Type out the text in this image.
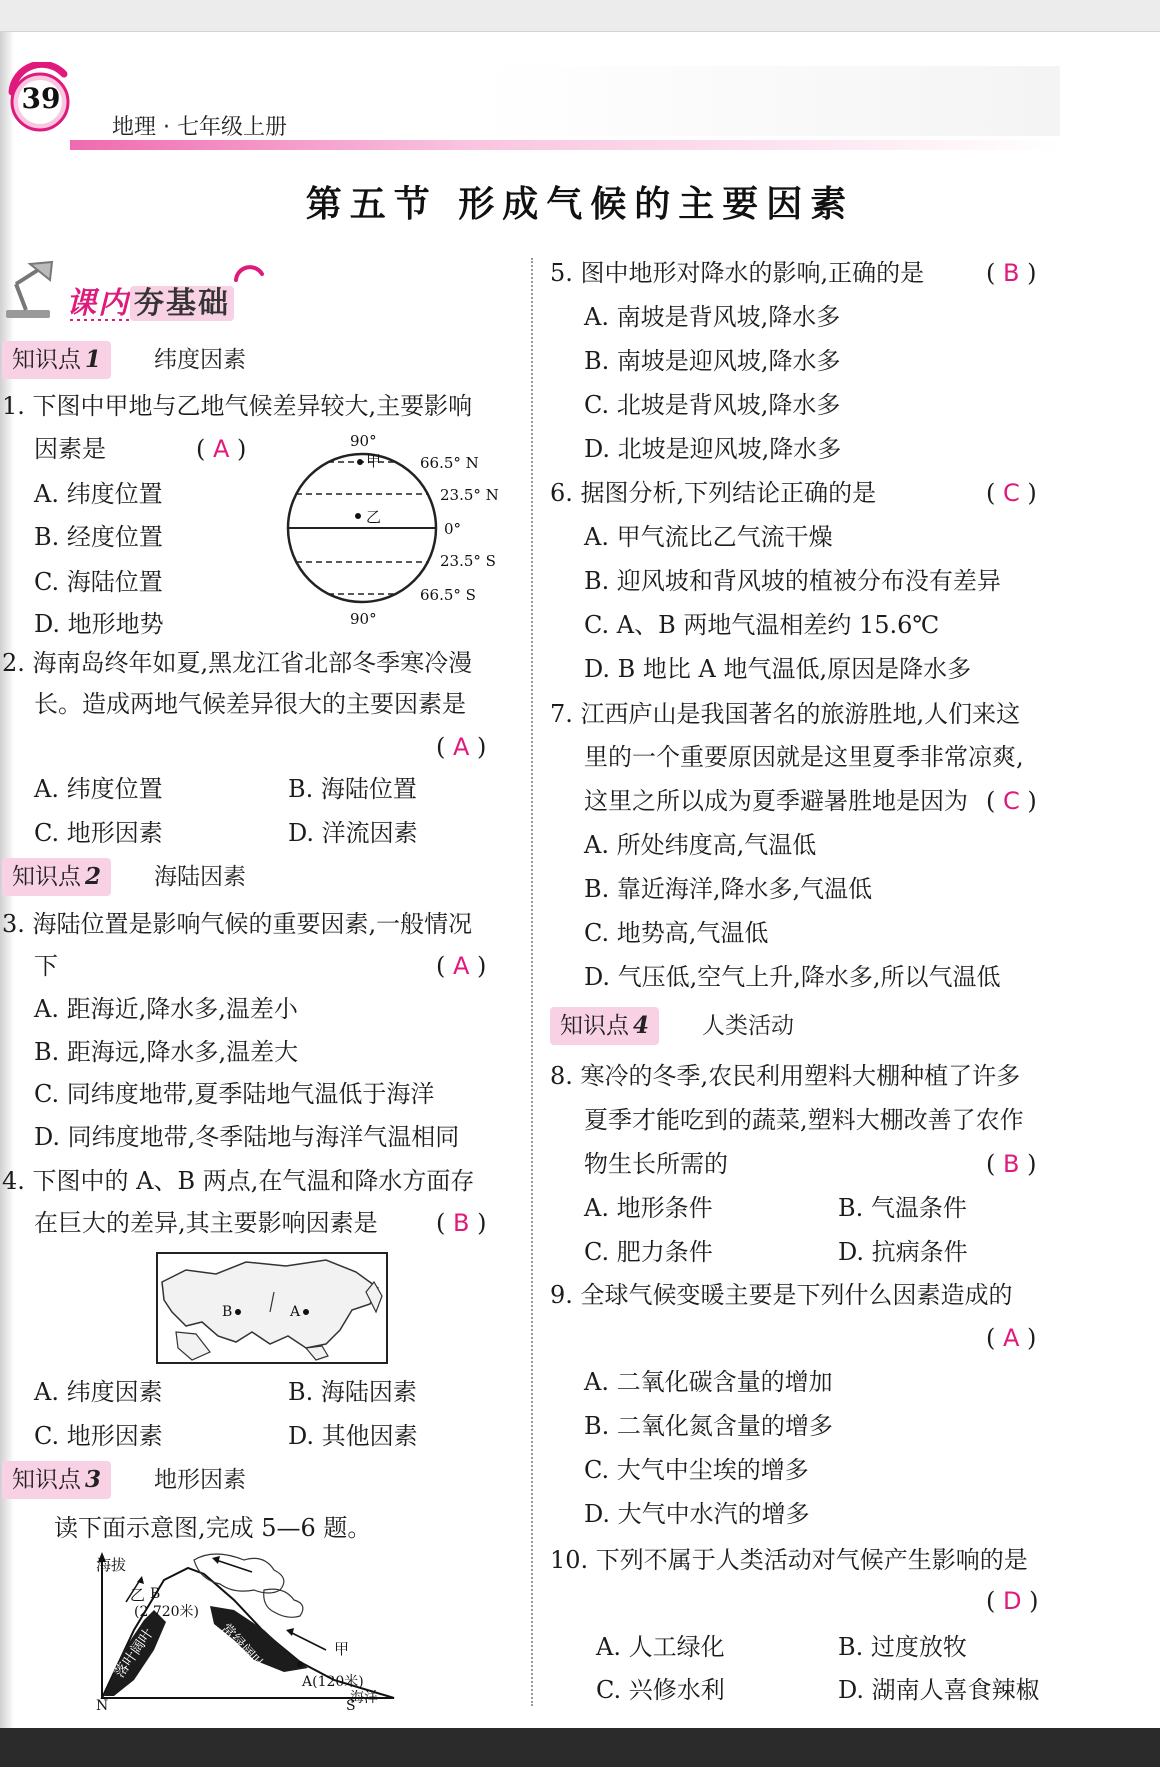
39
地理 · 七年级上册
第五节 形成气候的主要因素
课内 夯基础
知识点 1	纬度因素
1. 下图中甲地与乙地气候差异较大,主要影响
因素是	( A )
A. 纬度位置
B. 经度位置
C. 海陆位置
D. 地形地势
90°
甲
乙
66.5° N
23.5° N
0°
23.5° S
66.5° S
90°
2. 海南岛终年如夏,黑龙江省北部冬季寒冷漫
长。造成两地气候差异很大的主要因素是
( A )
A. 纬度位置	B. 海陆位置
C. 地形因素	D. 洋流因素
知识点 2	海陆因素
3. 海陆位置是影响气候的重要因素,一般情况
下	( A )
A. 距海近,降水多,温差小
B. 距海远,降水多,温差大
C. 同纬度地带,夏季陆地气温低于海洋
D. 同纬度地带,冬季陆地与海洋气温相同
4. 下图中的 A、B 两点,在气温和降水方面存
在巨大的差异,其主要影响因素是 ( B )
B	A
A. 纬度因素	B. 海陆因素
C. 地形因素	D. 其他因素
知识点 3	地形因素
读下面示意图,完成 5—6 题。
海拔
乙 B
(2 720米)
落叶阔叶	常绿阔叶	甲
A(120米)
海洋
N	S
5. 图中地形对降水的影响,正确的是	( B )
A. 南坡是背风坡,降水多
B. 南坡是迎风坡,降水多
C. 北坡是背风坡,降水多
D. 北坡是迎风坡,降水多
6. 据图分析,下列结论正确的是	( C )
A. 甲气流比乙气流干燥
B. 迎风坡和背风坡的植被分布没有差异
C. A、B 两地气温相差约 15.6℃
D. B 地比 A 地气温低,原因是降水多
7. 江西庐山是我国著名的旅游胜地,人们来这
里的一个重要原因就是这里夏季非常凉爽,
这里之所以成为夏季避暑胜地是因为 ( C )
A. 所处纬度高,气温低
B. 靠近海洋,降水多,气温低
C. 地势高,气温低
D. 气压低,空气上升,降水多,所以气温低
知识点 4	人类活动
8. 寒冷的冬季,农民利用塑料大棚种植了许多
夏季才能吃到的蔬菜,塑料大棚改善了农作
物生长所需的	( B )
A. 地形条件	B. 气温条件
C. 肥力条件	D. 抗病条件
9. 全球气候变暖主要是下列什么因素造成的
( A )
A. 二氧化碳含量的增加
B. 二氧化氮含量的增多
C. 大气中尘埃的增多
D. 大气中水汽的增多
10. 下列不属于人类活动对气候产生影响的是
( D )
A. 人工绿化	B. 过度放牧
C. 兴修水利	D. 湖南人喜食辣椒
